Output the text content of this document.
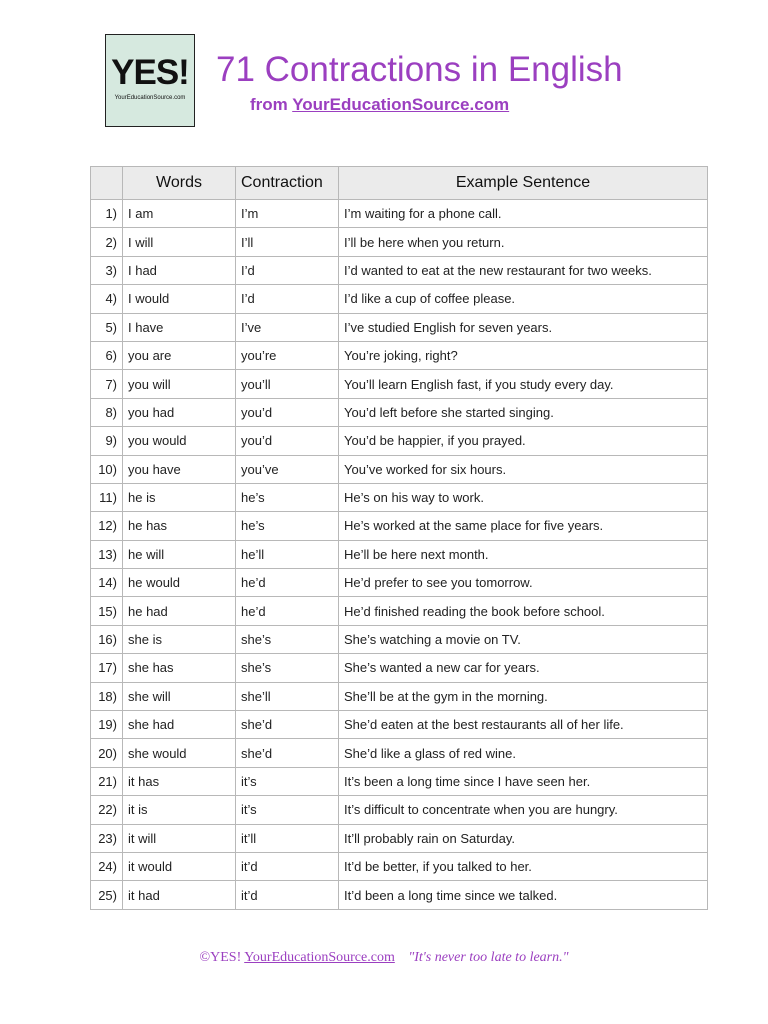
YES!
YourEducationSource.com
71 Contractions in English
from YourEducationSource.com
	Words	Contraction	Example Sentence
1)	I am	I’m	I’m waiting for a phone call.
2)	I will	I’ll	I’ll be here when you return.
3)	I had	I’d	I’d wanted to eat at the new restaurant for two weeks.
4)	I would	I’d	I’d like a cup of coffee please.
5)	I have	I’ve	I’ve studied English for seven years.
6)	you are	you’re	You’re joking, right?
7)	you will	you’ll	You’ll learn English fast, if you study every day.
8)	you had	you’d	You’d left before she started singing.
9)	you would	you’d	You’d be happier, if you prayed.
10)	you have	you’ve	You’ve worked for six hours.
11)	he is	he’s	He’s on his way to work.
12)	he has	he’s	He’s worked at the same place for five years.
13)	he will	he’ll	He’ll be here next month.
14)	he would	he’d	He’d prefer to see you tomorrow.
15)	he had	he’d	He’d finished reading the book before school.
16)	she is	she’s	She’s watching a movie on TV.
17)	she has	she’s	She’s wanted a new car for years.
18)	she will	she’ll	She’ll be at the gym in the morning.
19)	she had	she’d	She’d eaten at the best restaurants all of her life.
20)	she would	she’d	She’d like a glass of red wine.
21)	it has	it’s	It’s been a long time since I have seen her.
22)	it is	it’s	It’s difficult to concentrate when you are hungry.
23)	it will	it’ll	It’ll probably rain on Saturday.
24)	it would	it’d	It’d be better, if you talked to her.
25)	it had	it’d	It’d been a long time since we talked.
©YES! YourEducationSource.com "It's never too late to learn."
